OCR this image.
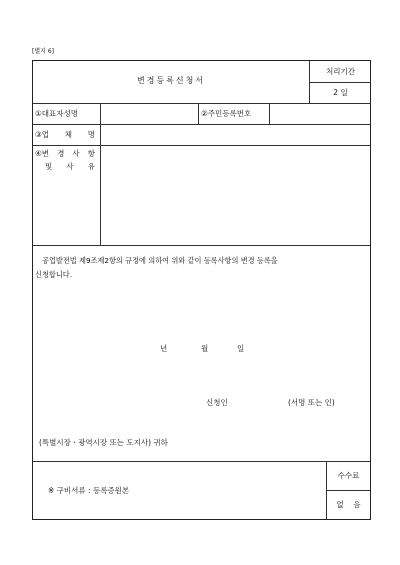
[별지 6]
변경등록신청서
처리기간
2 일
①대표자성명	②주민등록번호
③업 체 명
④변 경 사 항
및 사 유
공업발전법 제9조제2항의 규정에 의하여 위와 같이 등록사항의 변경 등록을
신청합니다.
년	월	일
신청인	(서명 또는 인)
(특별시장ㆍ광역시장 또는 도지사) 귀하
※ 구비서류 : 등록증원본
수수료
없    음
